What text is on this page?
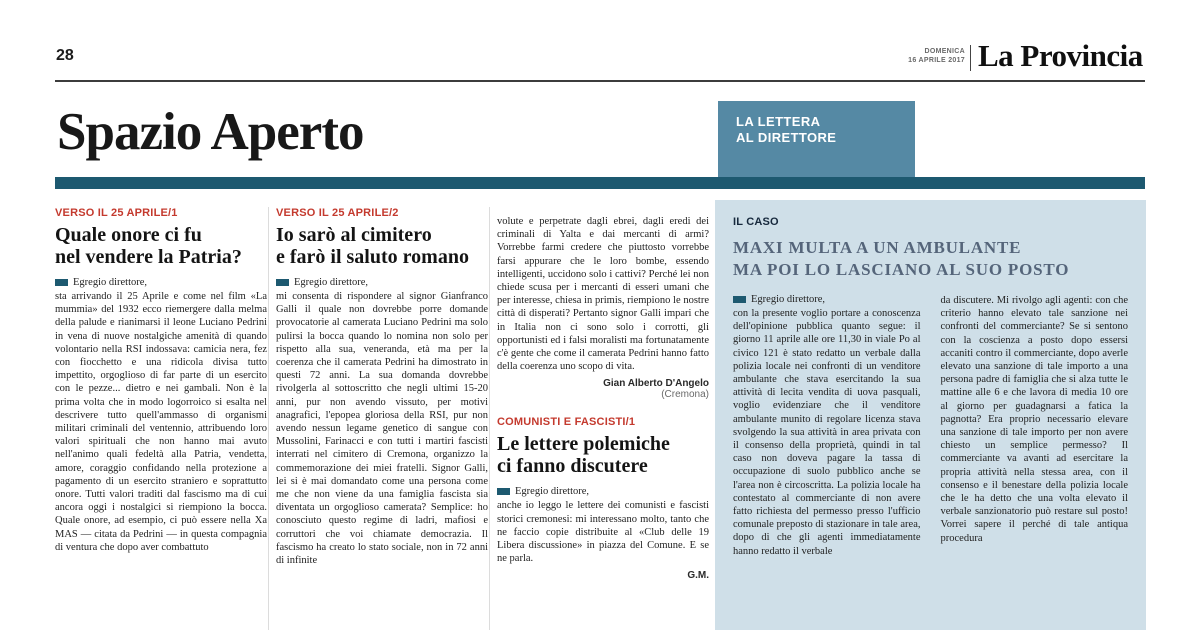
28	DOMENICA
16 APRILE 2017 La Provincia
Spazio Aperto	LA LETTERA
AL DIRETTORE
VERSO IL 25 APRILE/1
Quale onore ci fu
nel vendere la Patria?
Egregio direttore,
sta arrivando il 25 Aprile e come nel film «La mummia» del 1932 ecco riemergere dalla melma della palude e rianimarsi il leone Luciano Pedrini in vena di nuove nostalgiche amenità di quando volontario nella RSI indossava: camicia nera, fez con fiocchetto e una ridicola divisa tutto impettito, orgoglioso di far parte di un esercito con le pezze... dietro e nei gambali. Non è la prima volta che in modo logorroico si esalta nel descrivere tutto quell'ammasso di organismi militari criminali del ventennio, attribuendo loro valori spirituali che non hanno mai avuto nell'animo quali fedeltà alla Patria, vendetta, amore, coraggio confidando nella protezione a pagamento di un esercito straniero e soprattutto onore. Tutti valori traditi dal fascismo ma di cui ancora oggi i nostalgici si riempiono la bocca. Quale onore, ad esempio, ci può essere nella Xa MAS — citata da Pedrini — in questa compagnia di ventura che dopo aver combattuto
VERSO IL 25 APRILE/2
Io sarò al cimitero
e farò il saluto romano
Egregio direttore,
mi consenta di rispondere al signor Gianfranco Galli il quale non dovrebbe porre domande provocatorie al camerata Luciano Pedrini ma solo pulirsi la bocca quando lo nomina non solo per rispetto alla sua, veneranda, età ma per la coerenza che il camerata Pedrini ha dimostrato in questi 72 anni. La sua domanda dovrebbe rivolgerla al sottoscritto che negli ultimi 15-20 anni, pur non avendo vissuto, per motivi anagrafici, l'epopea gloriosa della RSI, pur non avendo nessun legame genetico di sangue con Mussolini, Farinacci e con tutti i martiri fascisti interrati nel cimitero di Cremona, organizzo la commemorazione dei miei fratelli. Signor Galli, lei si è mai domandato come una persona come me che non viene da una famiglia fascista sia diventata un orgoglioso camerata? Semplice: ho conosciuto questo regime di ladri, mafiosi e corruttori che voi chiamate democrazia. Il fascismo ha creato lo stato sociale, non in 72 anni di infinite
volute e perpetrate dagli ebrei, dagli eredi dei criminali di Yalta e dai mercanti di armi? Vorrebbe farmi credere che piuttosto vorrebbe farsi appurare che le loro bombe, essendo intelligenti, uccidono solo i cattivi? Perché lei non chiede scusa per i mercanti di esseri umani che per interesse, chiesa in primis, riempiono le nostre città di disperati? Pertanto signor Galli impari che in Italia non ci sono solo i corrotti, gli opportunisti ed i falsi moralisti ma fortunatamente c'è gente che come il camerata Pedrini hanno fatto della coerenza uno scopo di vita.
Gian Alberto D'Angelo
(Cremona)
COMUNISTI E FASCISTI/1
Le lettere polemiche
ci fanno discutere
Egregio direttore,
anche io leggo le lettere dei comunisti e fascisti storici cremonesi: mi interessano molto, tanto che ne faccio copie distribuite al «Club delle 19 Libera discussione» in piazza del Comune. E se ne parla.
G.M.
IL CASO
MAXI MULTA A UN AMBULANTE
MA POI LO LASCIANO AL SUO POSTO
Egregio direttore,
con la presente voglio portare a conoscenza dell'opinione pubblica quanto segue: il giorno 11 aprile alle ore 11,30 in viale Po al civico 121 è stato redatto un verbale dalla polizia locale nei confronti di un venditore ambulante che stava esercitando la sua attività di lecita vendita di uova pasquali, voglio evidenziare che il venditore ambulante munito di regolare licenza stava svolgendo la sua attività in area privata con il consenso della proprietà, quindi in tal caso non doveva pagare la tassa di occupazione di suolo pubblico anche se l'area non è circoscritta. La polizia locale ha contestato al commerciante di non avere fatto richiesta del permesso presso l'ufficio comunale preposto di stazionare in tale area, dopo di che gli agenti immediatamente hanno redatto il verbale
da discutere. Mi rivolgo agli agenti: con che criterio hanno elevato tale sanzione nei confronti del commerciante? Se si sentono con la coscienza a posto dopo essersi accaniti contro il commerciante, dopo averle elevato una sanzione di tale importo a una persona padre di famiglia che si alza tutte le mattine alle 6 e che lavora di media 10 ore al giorno per guadagnarsi a fatica la pagnotta? Era proprio necessario elevare una sanzione di tale importo per non avere chiesto un semplice permesso? Il commerciante va avanti ad esercitare la propria attività nella stessa area, con il consenso e il benestare della polizia locale che le ha detto che una volta elevato il verbale sanzionatorio può restare sul posto! Vorrei sapere il perché di tale antiqua procedura
